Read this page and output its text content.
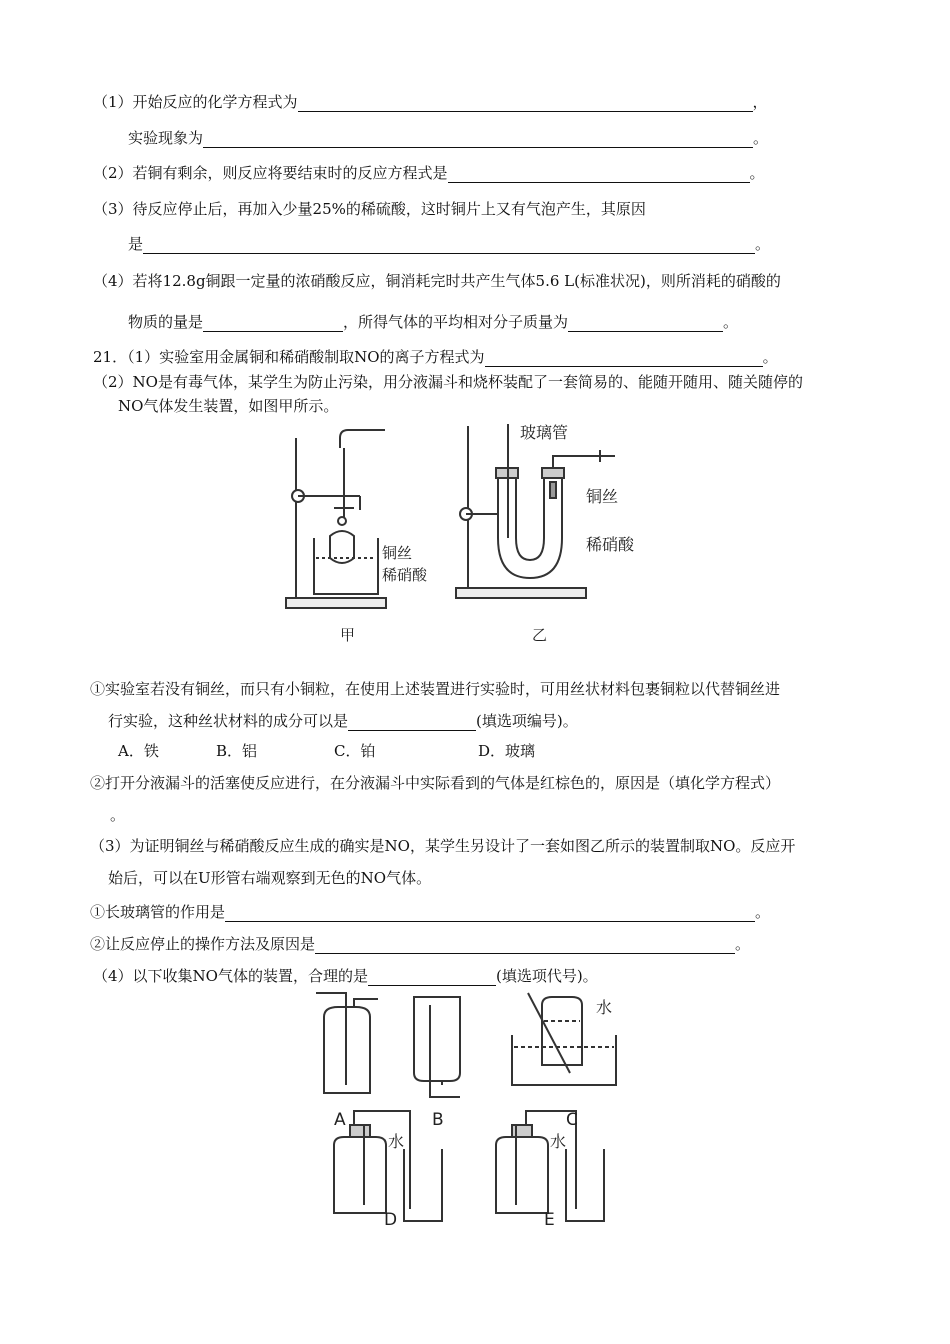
（1）开始反应的化学方程式为	，
实验现象为	。
（2）若铜有剩余，则反应将要结束时的反应方程式是	。
（3）待反应停止后，再加入少量25%的稀硫酸，这时铜片上又有气泡产生，其原因
是	。
（4）若将12.8g铜跟一定量的浓硝酸反应，铜消耗完时共产生气体5.6 L(标准状况)，则所消耗的硝酸的
物质的量是	，所得气体的平均相对分子质量为	。
21．（1）实验室用金属铜和稀硝酸制取NO的离子方程式为	。
（2）NO是有毒气体，某学生为防止污染，用分液漏斗和烧杯装配了一套简易的、能随开随用、随关随停的
NO气体发生装置，如图甲所示。
铜丝
稀硝酸
甲
玻璃管
铜丝
稀硝酸
乙
①实验室若没有铜丝，而只有小铜粒，在使用上述装置进行实验时，可用丝状材料包裹铜粒以代替铜丝进
行实验，这种丝状材料的成分可以是	(填选项编号)。
A．铁	B．铝	C．铂	D．玻璃
②打开分液漏斗的活塞使反应进行，在分液漏斗中实际看到的气体是红棕色的，原因是（填化学方程式）
。
（3）为证明铜丝与稀硝酸反应生成的确实是NO，某学生另设计了一套如图乙所示的装置制取NO。反应开
始后，可以在U形管右端观察到无色的NO气体。
①长玻璃管的作用是	。
②让反应停止的操作方法及原因是	。
（4）以下收集NO气体的装置，合理的是	(填选项代号)。
A	B	C
D	E
水
水	水
